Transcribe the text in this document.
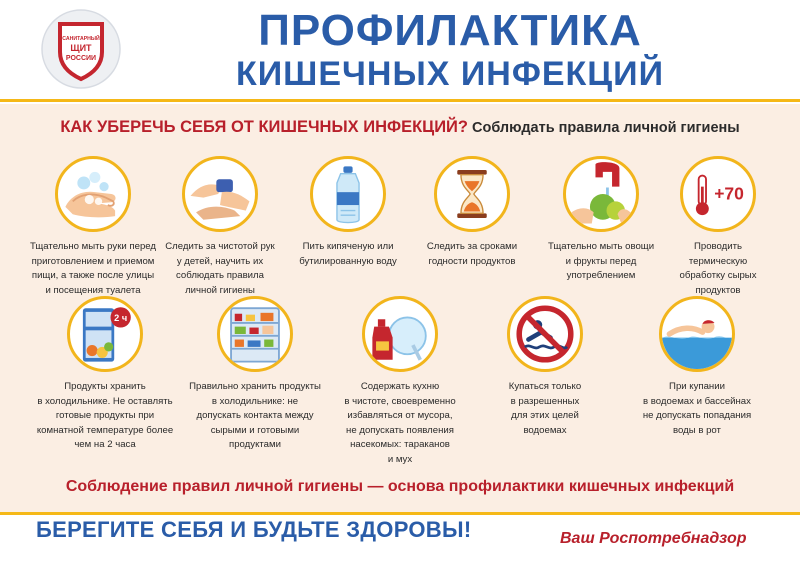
САНИТАРНЫЙ
ЩИТ
РОССИИ
ПРОФИЛАКТИКА
КИШЕЧНЫХ ИНФЕКЦИЙ
КАК УБЕРЕЧЬ СЕБЯ ОТ КИШЕЧНЫХ ИНФЕКЦИЙ? Соблюдать правила личной гигиены
Тщательно мыть руки перед
приготовлением и приемом
пищи, а также после улицы
и посещения туалета
Следить за чистотой рук
у детей, научить их
соблюдать правила
личной гигиены
Пить кипяченую или
бутилированную воду
Следить за сроками
годности продуктов
Тщательно мыть овощи
и фрукты перед
употреблением
+70
Проводить
термическую
обработку сырых
продуктов
2 ч
Продукты хранить
в холодильнике. Не оставлять
готовые продукты при
комнатной температуре более
чем на 2 часа
Правильно хранить продукты
в холодильнике: не
допускать контакта между
сырыми и готовыми
продуктами
Содержать кухню
в чистоте, своевременно
избавляться от мусора,
не допускать появления
насекомых: тараканов
и мух
Купаться только
в разрешенных
для этих целей
водоемах
При купании
в водоемах и бассейнах
не допускать попадания
воды в рот
Соблюдение правил личной гигиены — основа профилактики кишечных инфекций
БЕРЕГИТЕ СЕБЯ И БУДЬТЕ ЗДОРОВЫ!	Ваш Роспотребнадзор
